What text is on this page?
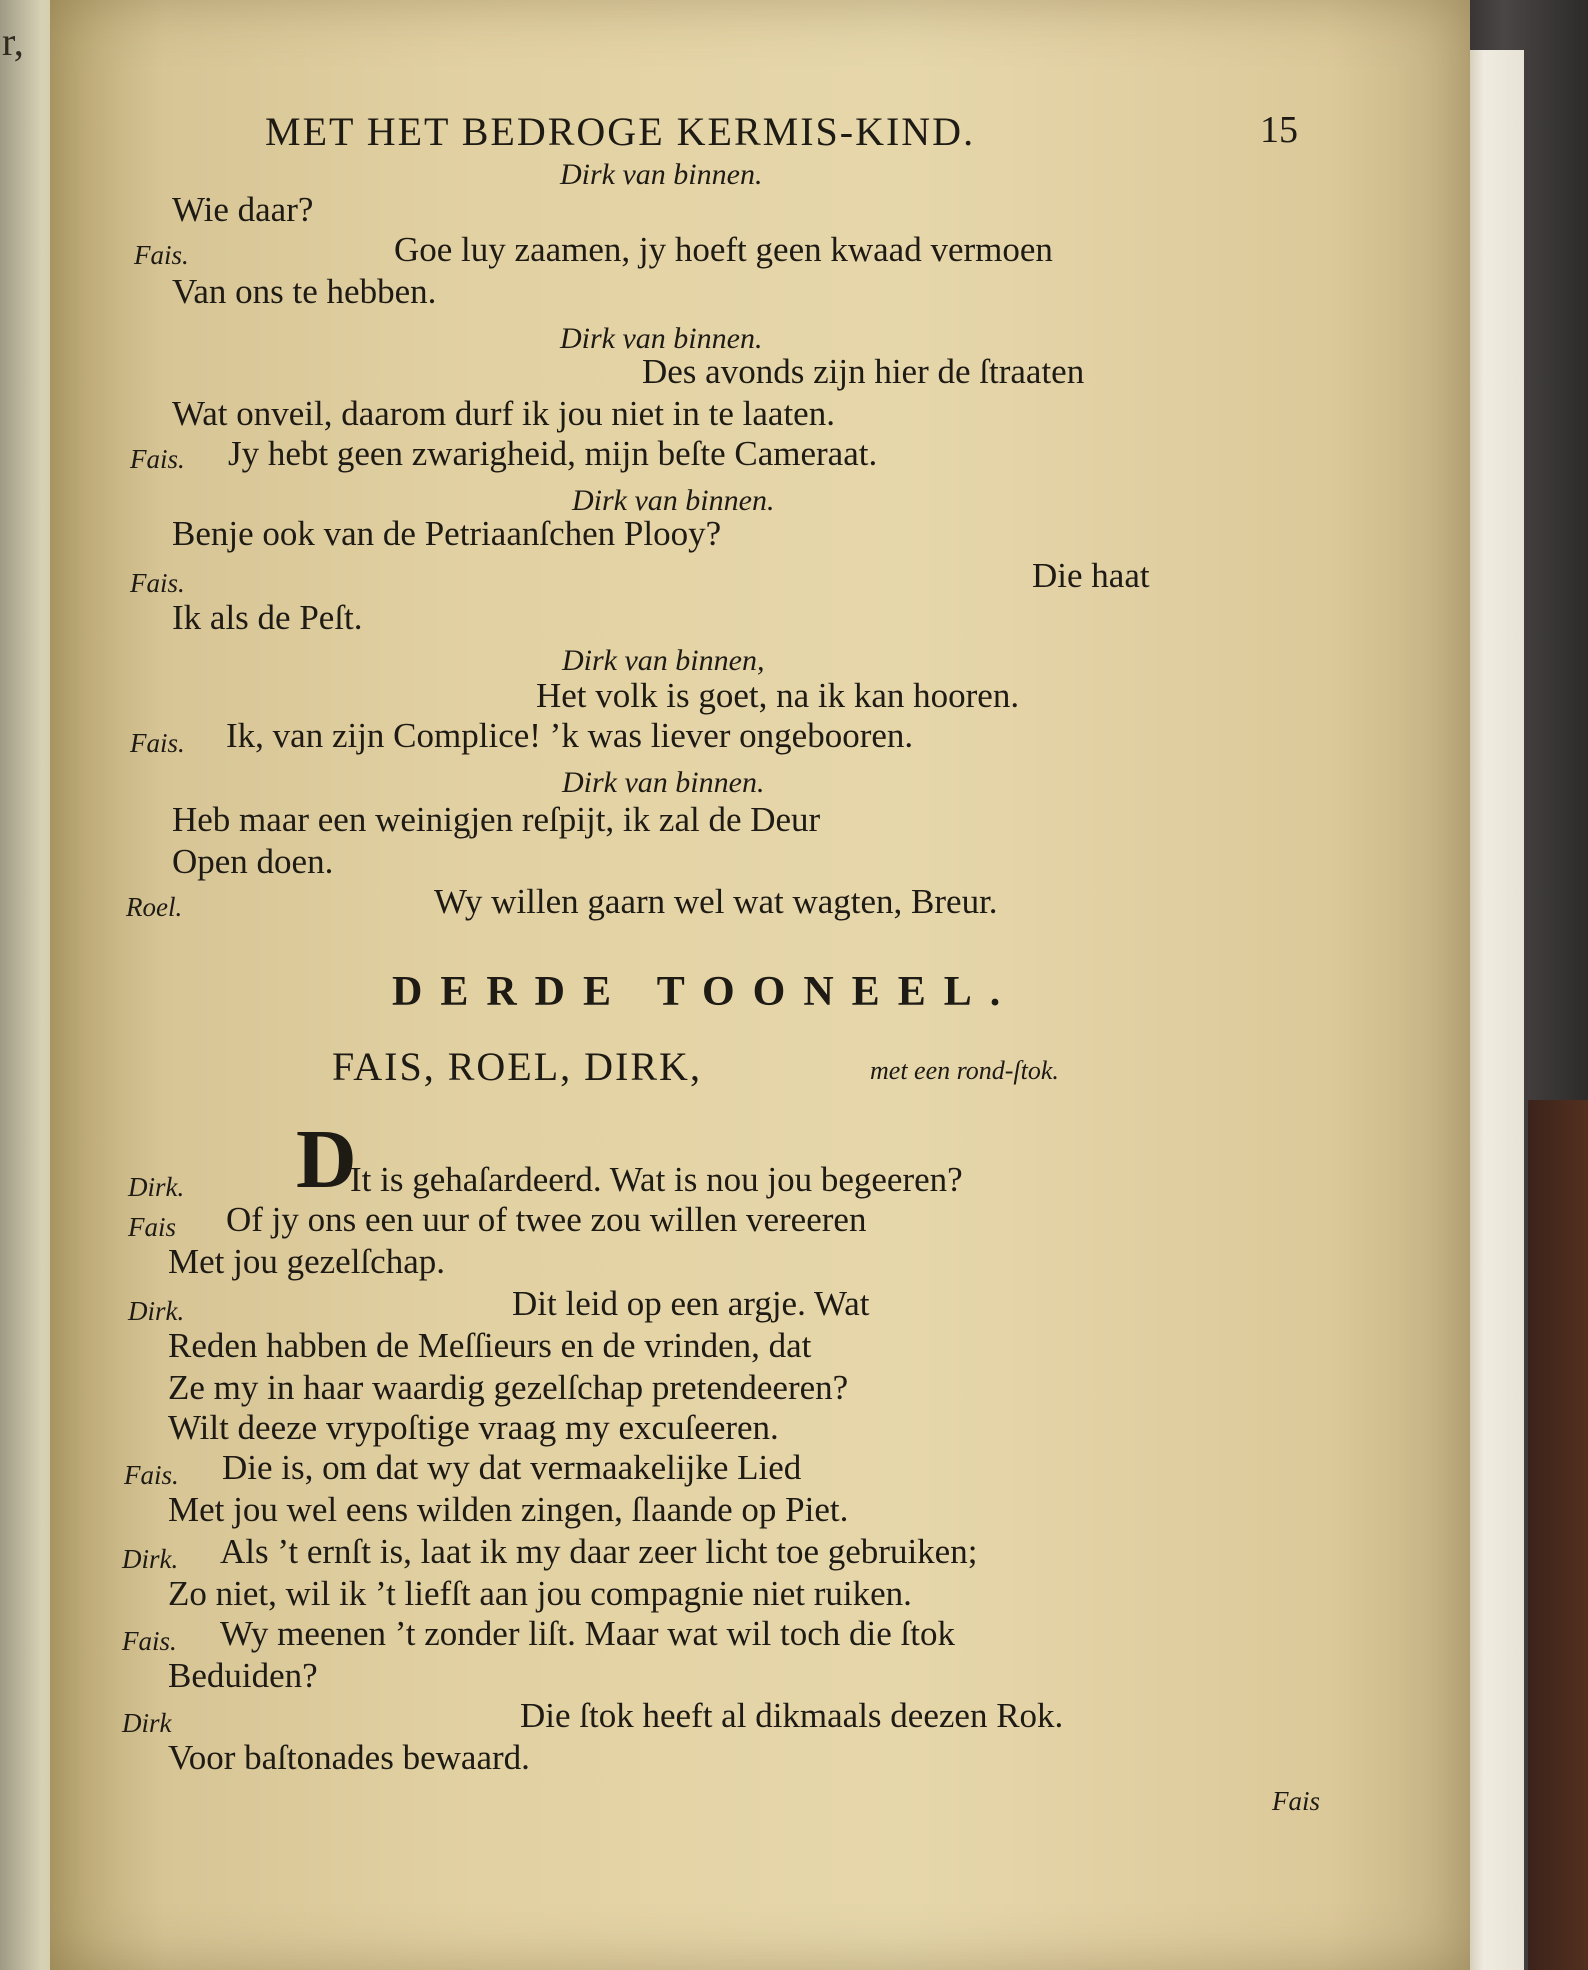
r,
MET HET BEDROGE KERMIS-KIND.	15
Dirk van binnen.
Wie daar?
Fais.	Goe luy zaamen, jy hoeft geen kwaad vermoen
Van ons te hebben.
Dirk van binnen.
Des avonds zijn hier de ſtraaten
Wat onveil, daarom durf ik jou niet in te laaten.
Fais. Jy hebt geen zwarigheid, mijn beſte Cameraat.
Dirk van binnen.
Benje ook van de Petriaanſchen Plooy?
Fais.	Die haat
Ik als de Peſt.
Dirk van binnen,
Het volk is goet, na ik kan hooren.
Fais. Ik, van zijn Complice! ’k was liever ongebooren.
Dirk van binnen.
Heb maar een weinigjen reſpijt, ik zal de Deur
Open doen.
Roel.	Wy willen gaarn wel wat wagten, Breur.
DERDE TOONEEL.
FAIS, ROEL, DIRK,	met een rond-ſtok.
Dirk. D
It is gehaſardeerd. Wat is nou jou begeeren?
Fais Of jy ons een uur of twee zou willen vereeren
Met jou gezelſchap.
Dirk.	Dit leid op een argje. Wat
Reden habben de Meſſieurs en de vrinden, dat
Ze my in haar waardig gezelſchap pretendeeren?
Wilt deeze vrypoſtige vraag my excuſeeren.
Fais. Die is, om dat wy dat vermaakelijke Lied
Met jou wel eens wilden zingen, ſlaande op Piet.
Dirk. Als ’t ernſt is, laat ik my daar zeer licht toe gebruiken;
Zo niet, wil ik ’t liefſt aan jou compagnie niet ruiken.
Fais. Wy meenen ’t zonder liſt. Maar wat wil toch die ſtok
Beduiden?
Dirk	Die ſtok heeft al dikmaals deezen Rok.
Voor baſtonades bewaard.
Fais
